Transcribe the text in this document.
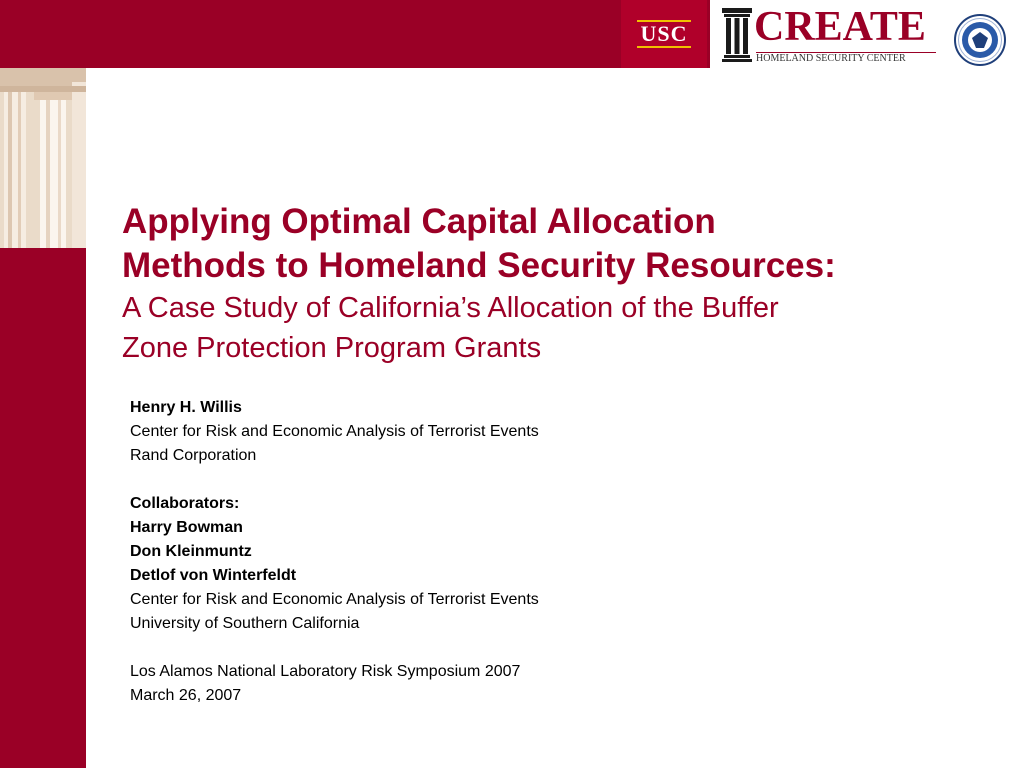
USC CREATE
HOMELAND SECURITY CENTER

Applying Optimal Capital Allocation

Methods to Homeland Security Resources:

A Case Study of California’s Allocation of the Buffer

Zone Protection Program Grants

Henry H. Willis
Center for Risk and Economic Analysis of Terrorist Events
Rand Corporation
Collaborators:
Harry Bowman
Don Kleinmuntz
Detlof von Winterfeldt
Center for Risk and Economic Analysis of Terrorist Events
University of Southern California
Los Alamos National Laboratory Risk Symposium 2007
March 26, 2007
